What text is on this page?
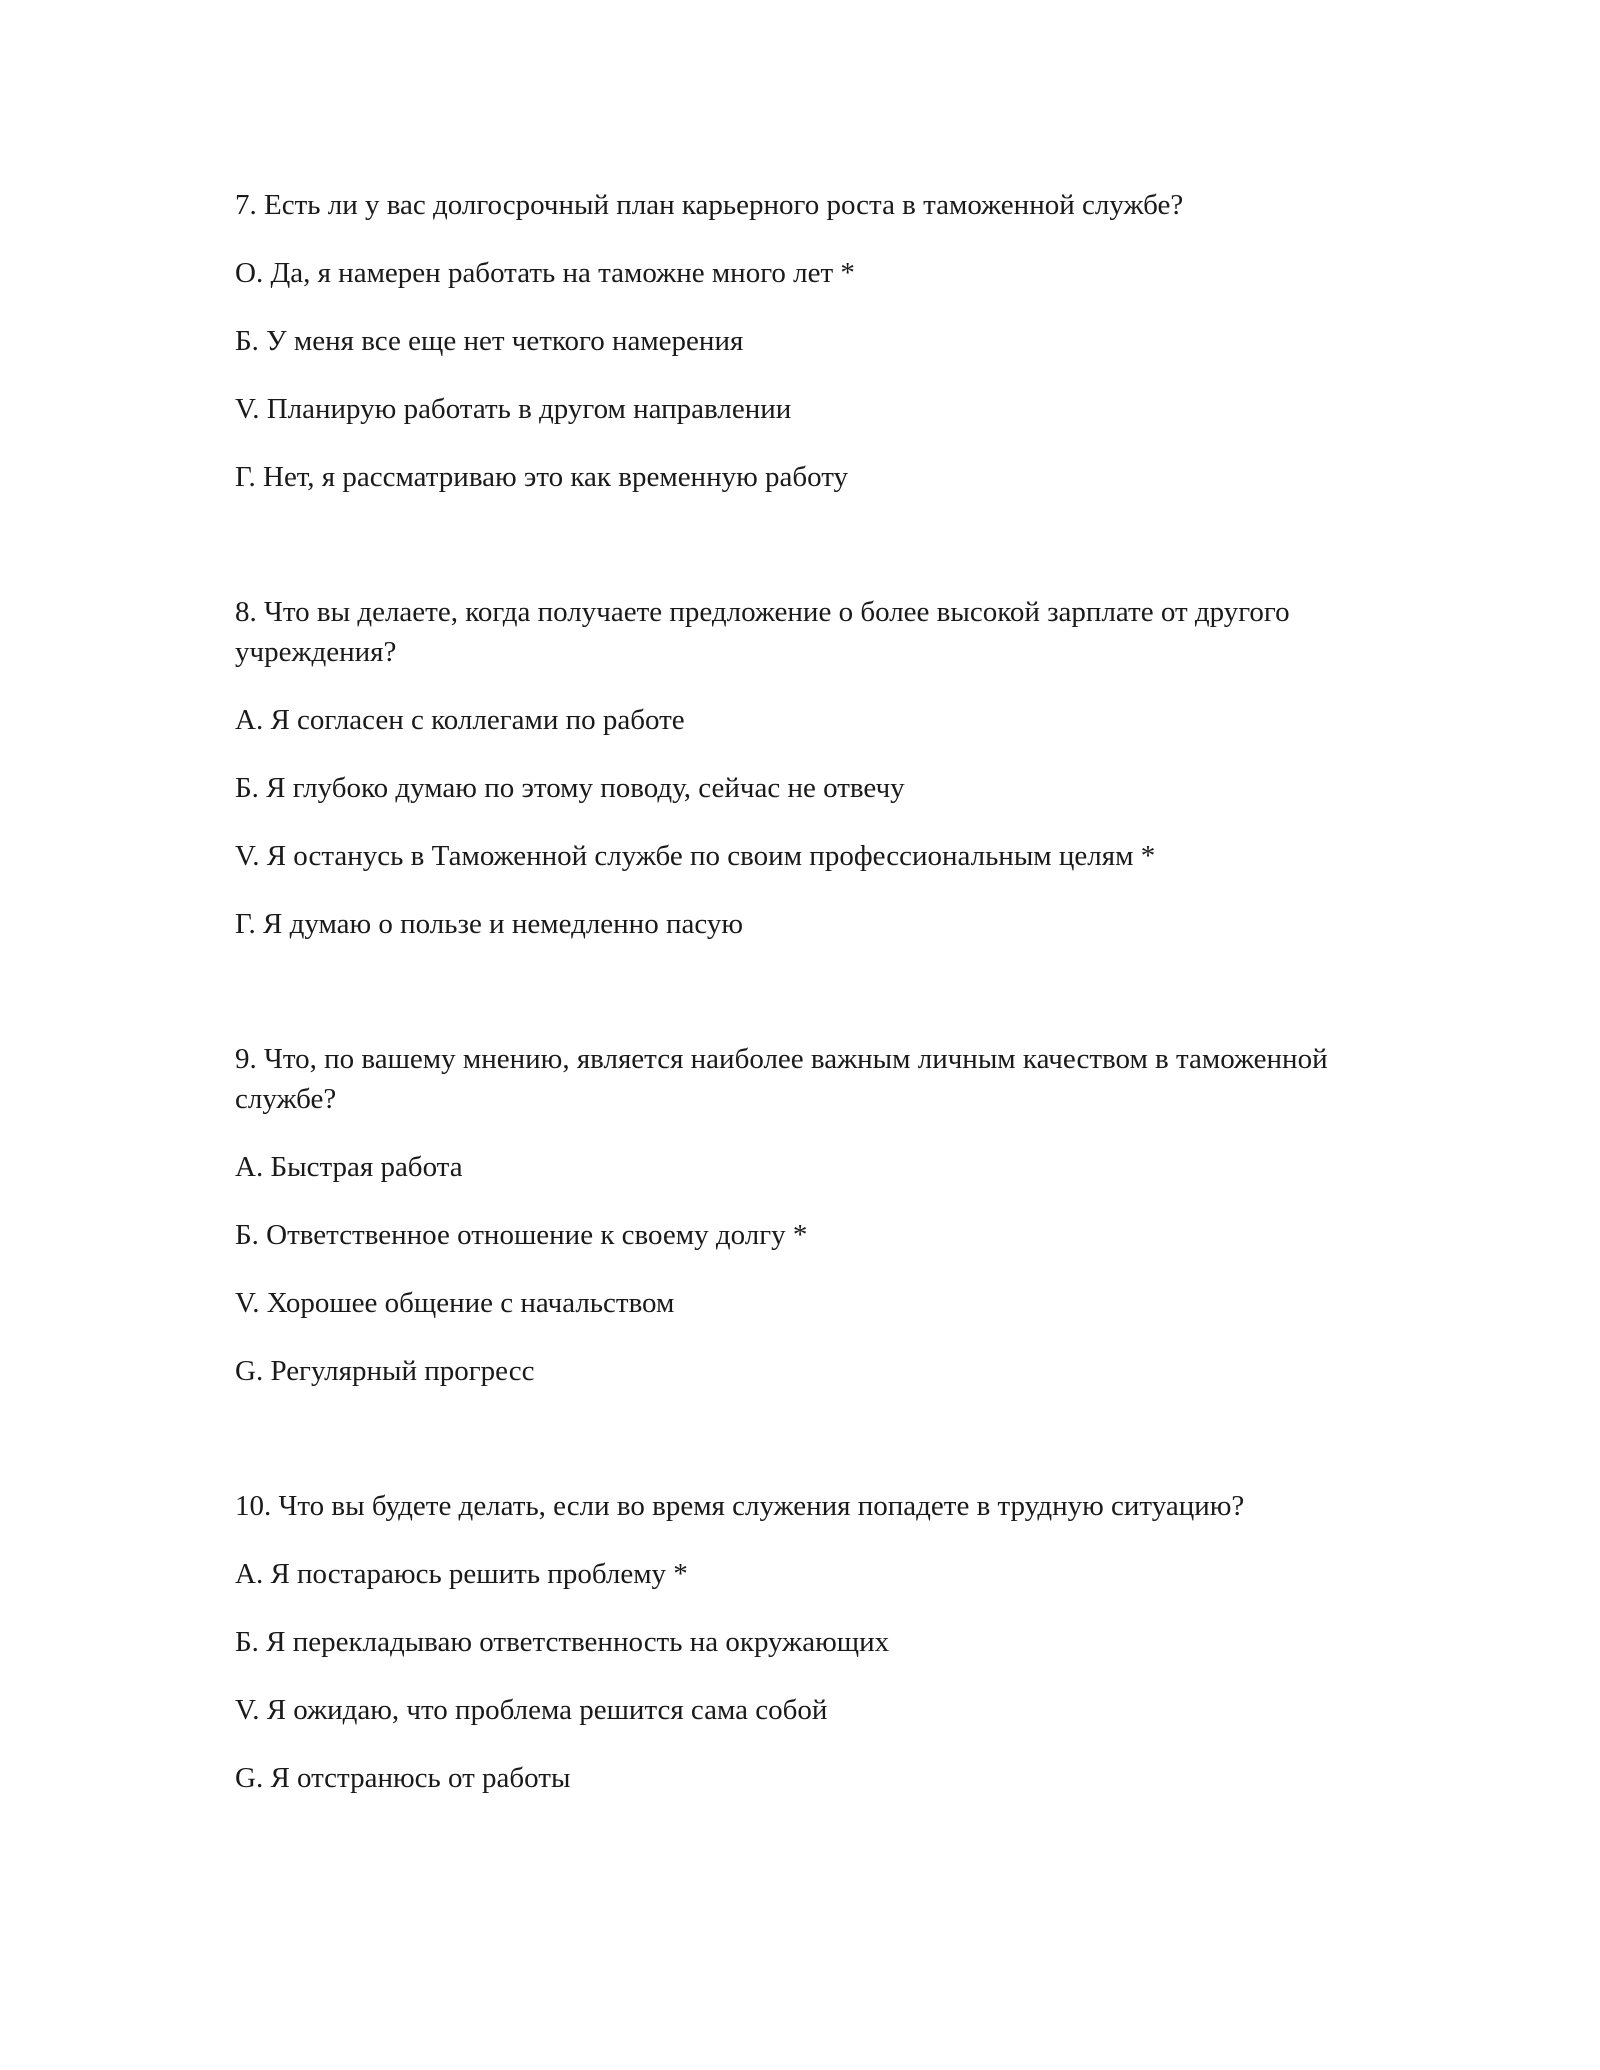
7. Есть ли у вас долгосрочный план карьерного роста в таможенной службе?

О. Да, я намерен работать на таможне много лет *

Б. У меня все еще нет четкого намерения

V. Планирую работать в другом направлении

Г. Нет, я рассматриваю это как временную работу

8. Что вы делаете, когда получаете предложение о более высокой зарплате от другого учреждения?

А. Я согласен с коллегами по работе

Б. Я глубоко думаю по этому поводу, сейчас не отвечу

V. Я останусь в Таможенной службе по своим профессиональным целям *

Г. Я думаю о пользе и немедленно пасую

9. Что, по вашему мнению, является наиболее важным личным качеством в таможенной службе?

А. Быстрая работа

Б. Ответственное отношение к своему долгу *

V. Хорошее общение с начальством

G. Регулярный прогресс

10. Что вы будете делать, если во время служения попадете в трудную ситуацию?

А. Я постараюсь решить проблему *

Б. Я перекладываю ответственность на окружающих

V. Я ожидаю, что проблема решится сама собой

G. Я отстранюсь от работы
